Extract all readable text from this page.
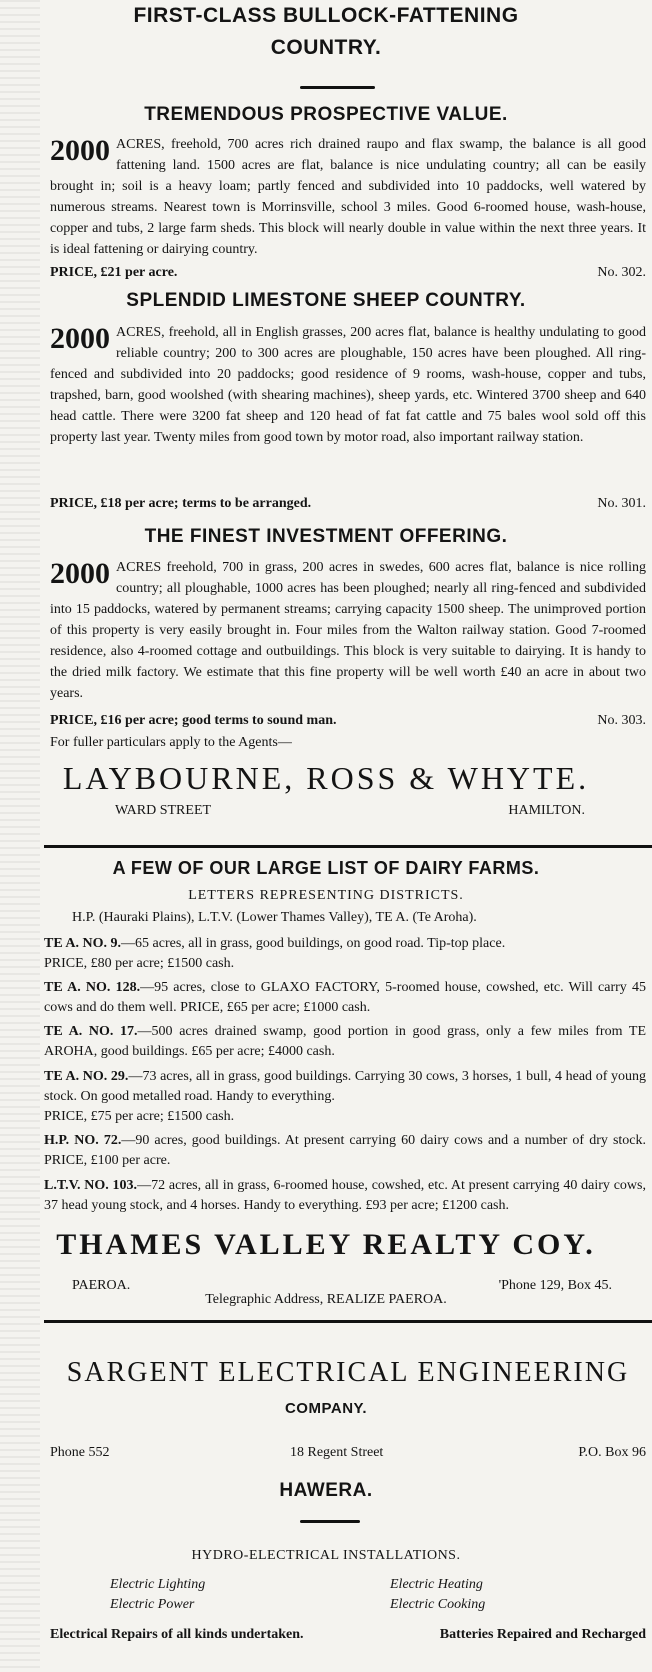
FIRST-CLASS BULLOCK-FATTENING
COUNTRY.
TREMENDOUS PROSPECTIVE VALUE.

2000 ACRES, freehold, 700 acres rich drained raupo and flax swamp, the balance is all good fattening land. 1500 acres are flat, balance is nice undulating country; all can be easily brought in; soil is a heavy loam; partly fenced and subdivided into 10 paddocks, well watered by numerous streams. Nearest town is Morrinsville, school 3 miles. Good 6-roomed house, wash-house, copper and tubs, 2 large farm sheds. This block will nearly double in value within the next three years. It is ideal fattening or dairying country.

PRICE, £21 per acre.	No. 302.
SPLENDID LIMESTONE SHEEP COUNTRY.

2000 ACRES, freehold, all in English grasses, 200 acres flat, balance is healthy undulating to good reliable country; 200 to 300 acres are ploughable, 150 acres have been ploughed. All ring-fenced and subdivided into 20 paddocks; good residence of 9 rooms, wash-house, copper and tubs, trapshed, barn, good woolshed (with shearing machines), sheep yards, etc. Wintered 3700 sheep and 640 head cattle. There were 3200 fat sheep and 120 head of fat fat cattle and 75 bales wool sold off this property last year. Twenty miles from good town by motor road, also important railway station.

PRICE, £18 per acre; terms to be arranged.	No. 301.
THE FINEST INVESTMENT OFFERING.

2000 ACRES freehold, 700 in grass, 200 acres in swedes, 600 acres flat, balance is nice rolling country; all ploughable, 1000 acres has been ploughed; nearly all ring-fenced and subdivided into 15 paddocks, watered by permanent streams; carrying capacity 1500 sheep. The unimproved portion of this property is very easily brought in. Four miles from the Walton railway station. Good 7-roomed residence, also 4-roomed cottage and outbuildings. This block is very suitable to dairying. It is handy to the dried milk factory. We estimate that this fine property will be well worth £40 an acre in about two years.

PRICE, £16 per acre; good terms to sound man.	No. 303.
For fuller particulars apply to the Agents—
LAYBOURNE, ROSS & WHYTE.
WARD STREET	HAMILTON.
A FEW OF OUR LARGE LIST OF DAIRY FARMS.
LETTERS REPRESENTING DISTRICTS.
H.P. (Hauraki Plains), L.T.V. (Lower Thames Valley), TE A. (Te Aroha).
TE A. NO. 9.—65 acres, all in grass, good buildings, on good road. Tip-top place.
PRICE, £80 per acre; £1500 cash.
TE A. NO. 128.—95 acres, close to GLAXO FACTORY, 5-roomed house, cowshed, etc. Will carry 45 cows and do them well. PRICE, £65 per acre; £1000 cash.
TE A. NO. 17.—500 acres drained swamp, good portion in good grass, only a few miles from TE AROHA, good buildings. £65 per acre; £4000 cash.
TE A. NO. 29.—73 acres, all in grass, good buildings. Carrying 30 cows, 3 horses, 1 bull, 4 head of young stock. On good metalled road. Handy to everything.
PRICE, £75 per acre; £1500 cash.
H.P. NO. 72.—90 acres, good buildings. At present carrying 60 dairy cows and a number of dry stock. PRICE, £100 per acre.
L.T.V. NO. 103.—72 acres, all in grass, 6-roomed house, cowshed, etc. At present carrying 40 dairy cows, 37 head young stock, and 4 horses. Handy to everything. £93 per acre; £1200 cash.
THAMES VALLEY REALTY COY.
PAEROA.	'Phone 129, Box 45.
Telegraphic Address, REALIZE PAEROA.
SARGENT ELECTRICAL ENGINEERING
COMPANY.
Phone 552	18 Regent Street	P.O. Box 96
HAWERA.
HYDRO-ELECTRICAL INSTALLATIONS.
Electric Lighting
Electric Power
Electric Heating
Electric Cooking
Electrical Repairs of all kinds undertaken.	Batteries Repaired and Recharged
